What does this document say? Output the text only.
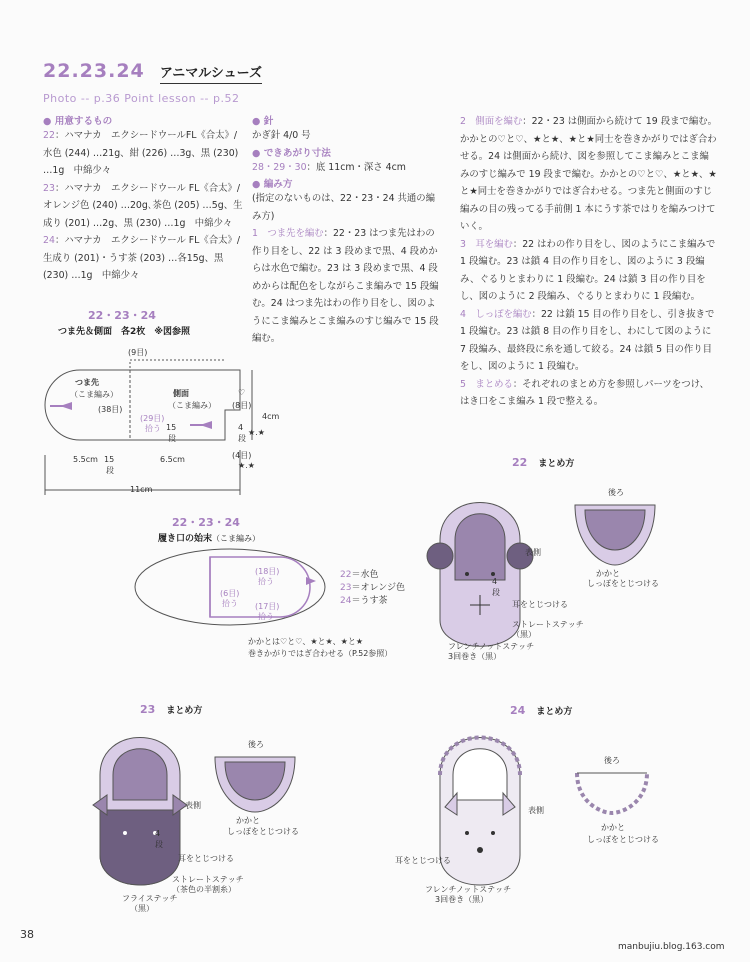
22.23.24 アニマルシューズ
Photo -- p.36 Point lesson -- p.52
● 用意するもの
22：ハマナカ　エクシードウールFL《合太》/ 水色 (244) …21g、紺 (226) …3g、黒 (230) …1g　中綿少々
23：ハマナカ　エクシードウール FL《合太》/ オレンジ色 (240) …20g､茶色 (205) …5g、生成り (201) …2g、黒 (230) …1g　中綿少々
24：ハマナカ　エクシードウール FL《合太》/ 生成り (201)・うす茶 (203) …各15g、黒 (230) …1g　中綿少々
● 針
かぎ針 4/0 号
● できあがり寸法
28・29・30：底 11cm・深さ 4cm
● 編み方
(指定のないものは、22・23・24 共通の編み方)
1　つま先を編む：22・23 はつま先はわの作り目をし、22 は 3 段めまで黒、4 段めからは水色で編む。23 は 3 段めまで黒、4 段めからは配色をしながらこま編みで 15 段編む。24 はつま先はわの作り目をし、図のようにこま編みとこま編みのすじ編みで 15 段編む。
2　側面を編む：22・23 は側面から続けて 19 段まで編む。かかとの♡と♡、★と★、★と★同士を巻きかがりではぎ合わせる。24 は側面から続け、図を参照してこま編みとこま編みのすじ編みで 19 段まで編む。かかとの♡と♡、★と★、★と★同士を巻きかがりではぎ合わせる。つま先と側面のすじ編みの目の残ってる手前側 1 本にうす茶ではりを編みつけていく。
3　耳を編む：22 はわの作り目をし、図のようにこま編みで 1 段編む。23 は鎖 4 目の作り目をし、図のように 3 段編み、ぐるりとまわりに 1 段編む。24 は鎖 3 目の作り目をし、図のように 2 段編み、ぐるりとまわりに 1 段編む。
4　しっぽを編む：22 は鎖 15 目の作り目をし、引き抜きで 1 段編む。23 は鎖 8 目の作り目をし、わにして図のように 7 段編み、最終段に糸を通して絞る。24 は鎖 5 目の作り目をし、図のように 1 段編む。
5　まとめる：それぞれのまとめ方を参照しパーツをつけ、はき口をこま編み 1 段で整える。
22・23・24
つま先＆側面　各2枚　※図参照
(9目)
つま先
（こま編み）	側面
（こま編み）
(38目)
(29目)
拾う 15
段
♡
(8目)
4
段
★.★
(4目)
★.★
4cm
5.5cm 15
段
6.5cm
11cm
22・23・24
履き口の始末（こま編み）
(18目)
拾う
(6目)
拾う (17目)
拾う
22＝水色
23＝オレンジ色
24＝うす茶
かかとは♡と♡、★と★、★と★
巻きかがりではぎ合わせる（P.52参照）
22 まとめ方
表側
4
段
耳をとじつける
ストレートステッチ
（黒）
フレンチノットステッチ
3回巻き（黒）
後ろ
かかと
しっぽをとじつける
23 まとめ方
表側
4
段
耳をとじつける
ストレートステッチ
（茶色の半割糸）
フライステッチ
（黒）
後ろ
かかと
しっぽをとじつける
24 まとめ方
表側
耳をとじつける
フレンチノットステッチ
3回巻き（黒）
後ろ
かかと
しっぽをとじつける
38
manbujiu.blog.163.com
